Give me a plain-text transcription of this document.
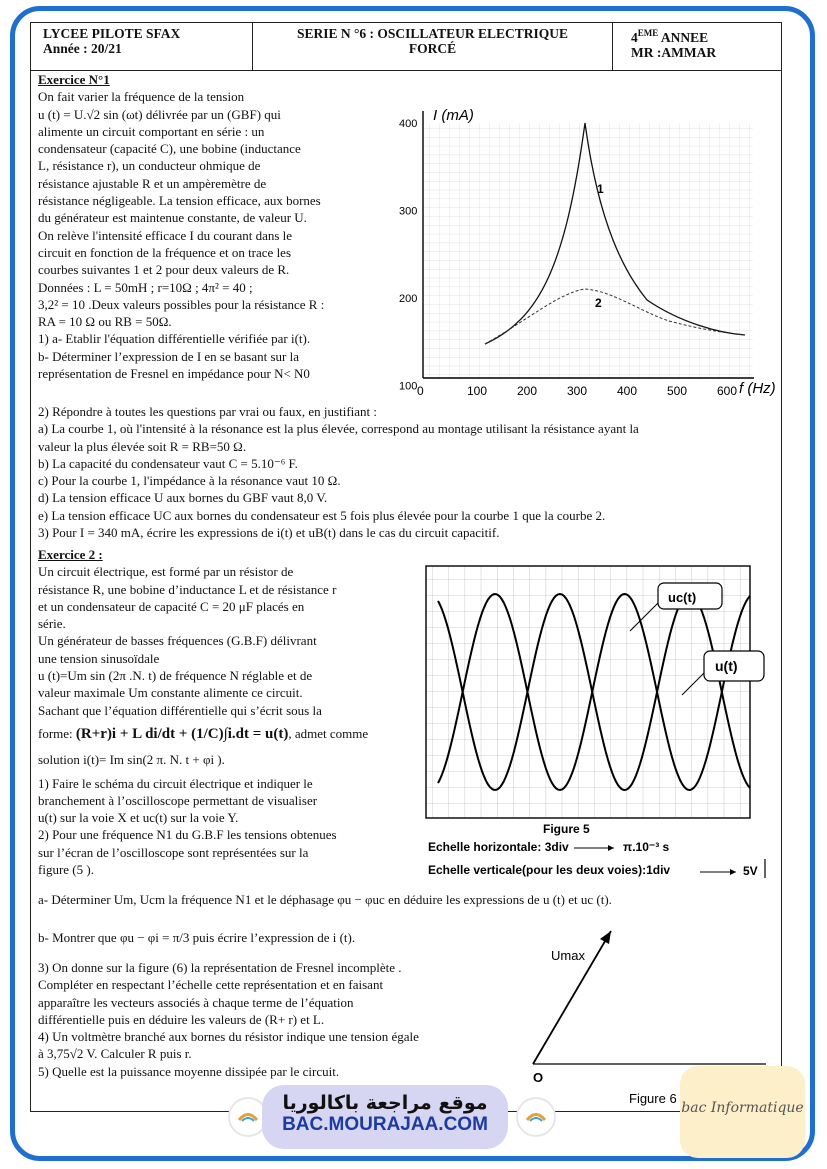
LYCEE PILOTE SFAX
Année : 20/21
SERIE N °6 : OSCILLATEUR ELECTRIQUE
FORCÉ
4EME ANNEE
MR :AMMAR

Exercice N°1

On fait varier la fréquence de la tension

u (t) = U.√2 sin (ωt) délivrée par un (GBF) qui

alimente un circuit comportant en série : un

condensateur (capacité C), une bobine (inductance

L, résistance r), un conducteur ohmique de

résistance ajustable R et un ampèremètre de

résistance négligeable. La tension efficace, aux bornes

du générateur est maintenue constante, de valeur U.

On relève l'intensité efficace I du courant dans le

circuit en fonction de la fréquence et on trace les

courbes suivantes 1 et 2 pour deux valeurs de R.

Données : L = 50mH ; r=10Ω ; 4π² = 40 ;

3,2² = 10 .Deux valeurs possibles pour la résistance R :

RA = 10 Ω ou RB = 50Ω.

1) a- Etablir l'équation différentielle vérifiée par i(t).

b- Déterminer l’expression de I en se basant sur la

représentation de Fresnel en impédance pour N< N0

400
300
200
100 0	100 200 300 400 500 600
I (mA)
f (Hz)
1
2

2) Répondre à toutes les questions par vrai ou faux, en justifiant :

a) La courbe 1, où l'intensité à la résonance est la plus élevée, correspond au montage utilisant la résistance ayant la

valeur la plus élevée soit R = RB=50 Ω.

b) La capacité du condensateur vaut C = 5.10⁻⁶ F.

c) Pour la courbe 1, l'impédance à la résonance vaut 10 Ω.

d) La tension efficace U aux bornes du GBF vaut 8,0 V.

e) La tension efficace UC aux bornes du condensateur est 5 fois plus élevée pour la courbe 1 que la courbe 2.

3) Pour I = 340 mA, écrire les expressions de i(t) et uB(t) dans le cas du circuit capacitif.

Exercice 2 :

Un circuit électrique, est formé par un résistor de

résistance R, une bobine d’inductance L et de résistance r

et un condensateur de capacité C = 20 μF placés en

série.

Un générateur de basses fréquences (G.B.F) délivrant

une tension sinusoïdale

u (t)=Um sin (2π .N. t) de fréquence N réglable et de

valeur maximale Um constante alimente ce circuit.

Sachant que l’équation différentielle qui s’écrit sous la

forme: (R+r)i + L di/dt + (1/C)∫i.dt = u(t), admet comme

solution i(t)= Im sin(2 π. N. t + φi ).

1) Faire le schéma du circuit électrique et indiquer le

branchement à l’oscilloscope permettant de visualiser

u(t) sur la voie X et uc(t) sur la voie Y.

2) Pour une fréquence N1 du G.B.F les tensions obtenues

sur l’écran de l’oscilloscope sont représentées sur la

figure (5 ).

uc(t)
u(t)
Figure 5
Echelle horizontale: 3div	π.10⁻³ s
Echelle verticale(pour les deux voies):1div	5V
a- Déterminer Um, Ucm la fréquence N1 et le déphasage φu − φuc en déduire les expressions de u (t) et uc (t).
b- Montrer que φu − φi = π/3 puis écrire l’expression de i (t).

3) On donne sur la figure (6) la représentation de Fresnel incomplète .

Compléter en respectant l’échelle cette représentation et en faisant

apparaître les vecteurs associés à chaque terme de l’équation

différentielle puis en déduire les valeurs de (R+ r) et L.

4) Un voltmètre branché aux bornes du résistor indique une tension égale

à 3,75√2 V. Calculer R puis r.

5) Quelle est la puissance moyenne dissipée par le circuit.

Umax
O
Figure 6
موقع مراجعة باكالوريا
BAC.MOURAJAA.COM
bac Informatique
